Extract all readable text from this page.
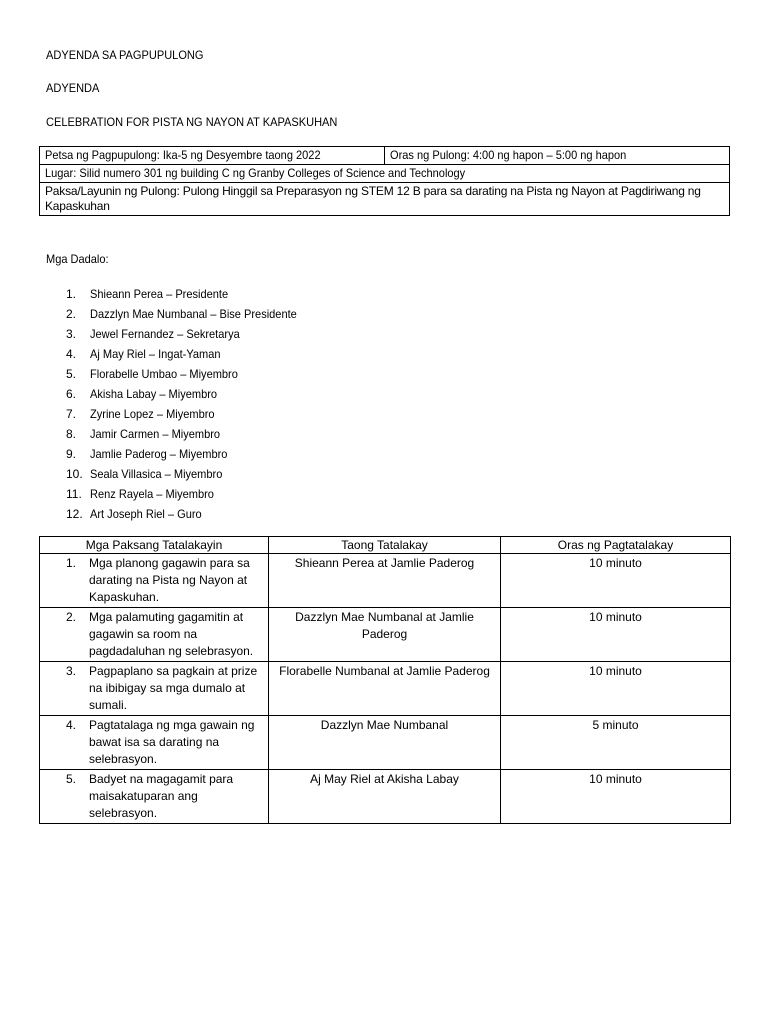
ADYENDA SA PAGPUPULONG
ADYENDA
CELEBRATION FOR PISTA NG NAYON AT KAPASKUHAN
Petsa ng Pagpupulong: Ika-5 ng Desyembre taong 2022	Oras ng Pulong: 4:00 ng hapon – 5:00 ng hapon
Lugar: Silid numero 301 ng building C ng Granby Colleges of Science and Technology
Paksa/Layunin ng Pulong: Pulong Hinggil sa Preparasyon ng STEM 12 B para sa darating na Pista ng Nayon at Pagdiriwang ng Kapaskuhan
Mga Dadalo:
1. Shieann Perea – Presidente
2. Dazzlyn Mae Numbanal – Bise Presidente
3. Jewel Fernandez – Sekretarya
4. Aj May Riel – Ingat-Yaman
5. Florabelle Umbao – Miyembro
6. Akisha Labay – Miyembro
7. Zyrine Lopez – Miyembro
8. Jamir Carmen – Miyembro
9. Jamlie Paderog – Miyembro
10. Seala Villasica – Miyembro
11. Renz Rayela – Miyembro
12. Art Joseph Riel – Guro
Mga Paksang Tatalakayin	Taong Tatalakay	Oras ng Pagtatalakay

1. Mga planong gagawin para sa darating na Pista ng Nayon at Kapaskuhan.	Shieann Perea at Jamlie Paderog	10 minuto

2. Mga palamuting gagamitin at gagawin sa room na pagdadaluhan ng selebrasyon.	Dazzlyn Mae Numbanal at Jamlie Paderog	10 minuto

3. Pagpaplano sa pagkain at prize na ibibigay sa mga dumalo at sumali.	Florabelle Numbanal at Jamlie Paderog	10 minuto

4. Pagtatalaga ng mga gawain ng bawat isa sa darating na selebrasyon.	Dazzlyn Mae Numbanal	5 minuto

5. Badyet na magagamit para maisakatuparan ang selebrasyon.	Aj May Riel at Akisha Labay	10 minuto
